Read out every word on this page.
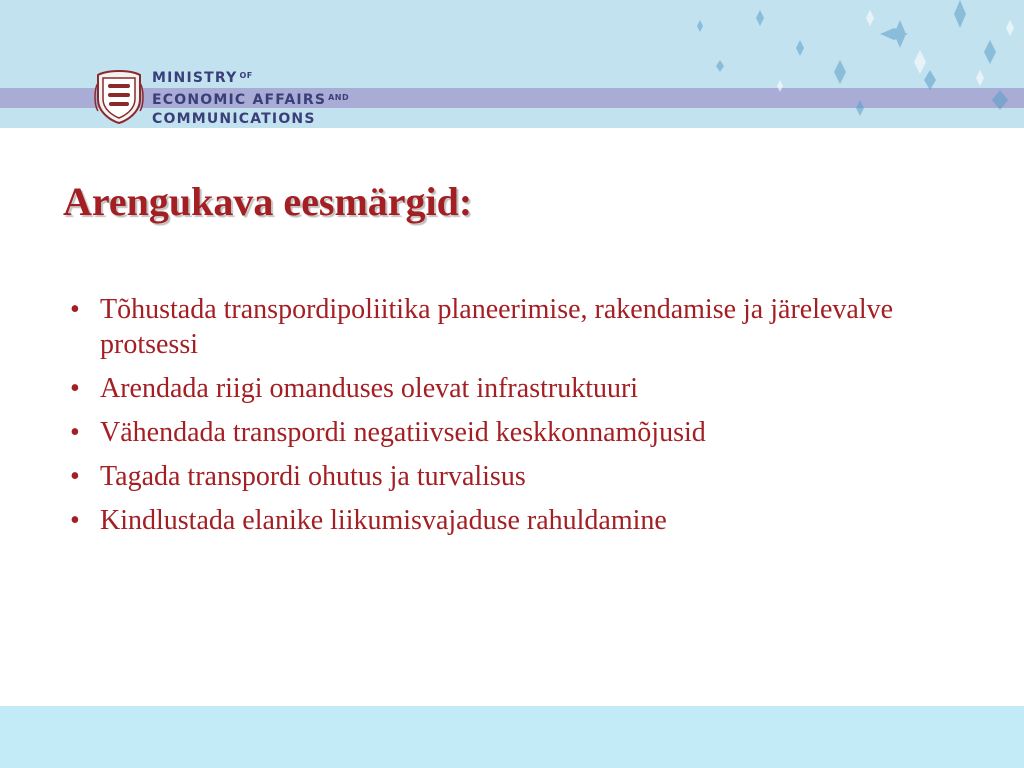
MINISTRY $^{OF}$
ECONOMIC AFFAIRS $^{AND}$
COMMUNICATIONS
Arengukava eesmärgid:
• Tõhustada transpordipoliitika planeerimise, rakendamise ja järelevalve protsessi
• Arendada riigi omanduses olevat infrastruktuuri
• Vähendada transpordi negatiivseid keskkonnamõjusid
• Tagada transpordi ohutus ja turvalisus
• Kindlustada elanike liikumisvajaduse rahuldamine
